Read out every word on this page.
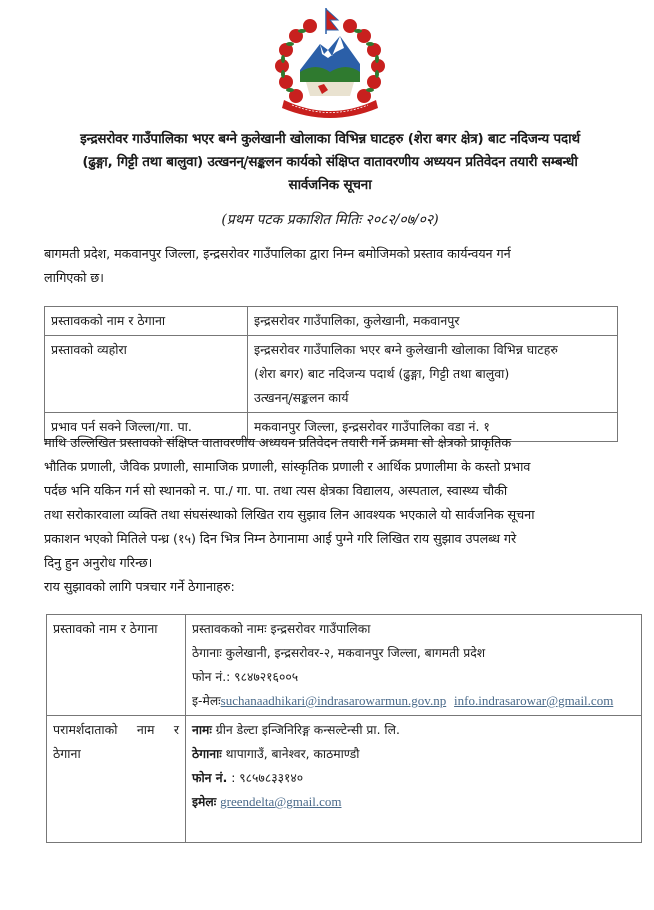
इन्द्रसरोवर गाउँपालिका भएर बग्ने कुलेखानी खोलाका विभिन्न घाटहरु (शेरा बगर क्षेत्र) बाट नदिजन्य पदार्थ
(ढुङ्गा, गिट्टी तथा बालुवा) उत्खनन्/सङ्कलन कार्यको संक्षिप्त वातावरणीय अध्ययन प्रतिवेदन तयारी सम्बन्धी
सार्वजनिक सूचना
(प्रथम पटक प्रकाशित मितिः २०८२/०७/०२)
बागमती प्रदेश, मकवानपुर जिल्ला, इन्द्रसरोवर गाउँपालिका द्वारा निम्न बमोजिमको प्रस्ताव कार्यन्वयन गर्न
लागिएको छ।
प्रस्तावकको नाम र ठेगाना	इन्द्रसरोवर गाउँपालिका, कुलेखानी, मकवानपुर

प्रस्तावको व्यहोरा	इन्द्रसरोवर गाउँपालिका भएर बग्ने कुलेखानी खोलाका विभिन्न घाटहरु
(शेरा बगर) बाट नदिजन्य पदार्थ (ढुङ्गा, गिट्टी तथा बालुवा)
उत्खनन्/सङ्कलन कार्य

प्रभाव पर्न सक्ने जिल्ला/गा. पा.	मकवानपुर जिल्ला, इन्द्रसरोवर गाउँपालिका वडा नं. १
माथि उल्लिखित प्रस्तावको संक्षिप्त वातावरणीय अध्ययन प्रतिवेदन तयारी गर्ने क्रममा सो क्षेत्रको प्राकृतिक
भौतिक प्रणाली, जैविक प्रणाली, सामाजिक प्रणाली, सांस्कृतिक प्रणाली र आर्थिक प्रणालीमा के कस्तो प्रभाव
पर्दछ भनि यकिन गर्न सो स्थानको न. पा./ गा. पा. तथा त्यस क्षेत्रका विद्यालय, अस्पताल, स्वास्थ्य चौकी
तथा सरोकारवाला व्यक्ति तथा संघसंस्थाको लिखित राय सुझाव लिन आवश्यक भएकाले यो सार्वजनिक सूचना
प्रकाशन भएको मितिले पन्ध्र (१५) दिन भित्र निम्न ठेगानामा आई पुग्ने गरि लिखित राय सुझाव उपलब्ध गरे
दिनु हुन अनुरोध गरिन्छ।
राय सुझावको लागि पत्रचार गर्ने ठेगानाहरु:
प्रस्तावको नाम र ठेगाना	प्रस्तावकको नामः इन्द्रसरोवर गाउँपालिका
ठेगानाः कुलेखानी, इन्द्रसरोवर-२, मकवानपुर जिल्ला, बागमती प्रदेश
फोन नं.: ९८४७२१६००५
इ-मेलःsuchanaadhikari@indrasarowarmun.gov.np info.indrasarowar@gmail.com

परामर्शदाताको नाम र ठेगाना	नामः ग्रीन डेल्टा इन्जिनिरिङ्ग कन्सल्टेन्सी प्रा. लि.
ठेगानाः थापागाउँ, बानेश्वर, काठमाण्डौ
फोन नं. : ९८५७८३३१४०
इमेलः greendelta@gmail.com
